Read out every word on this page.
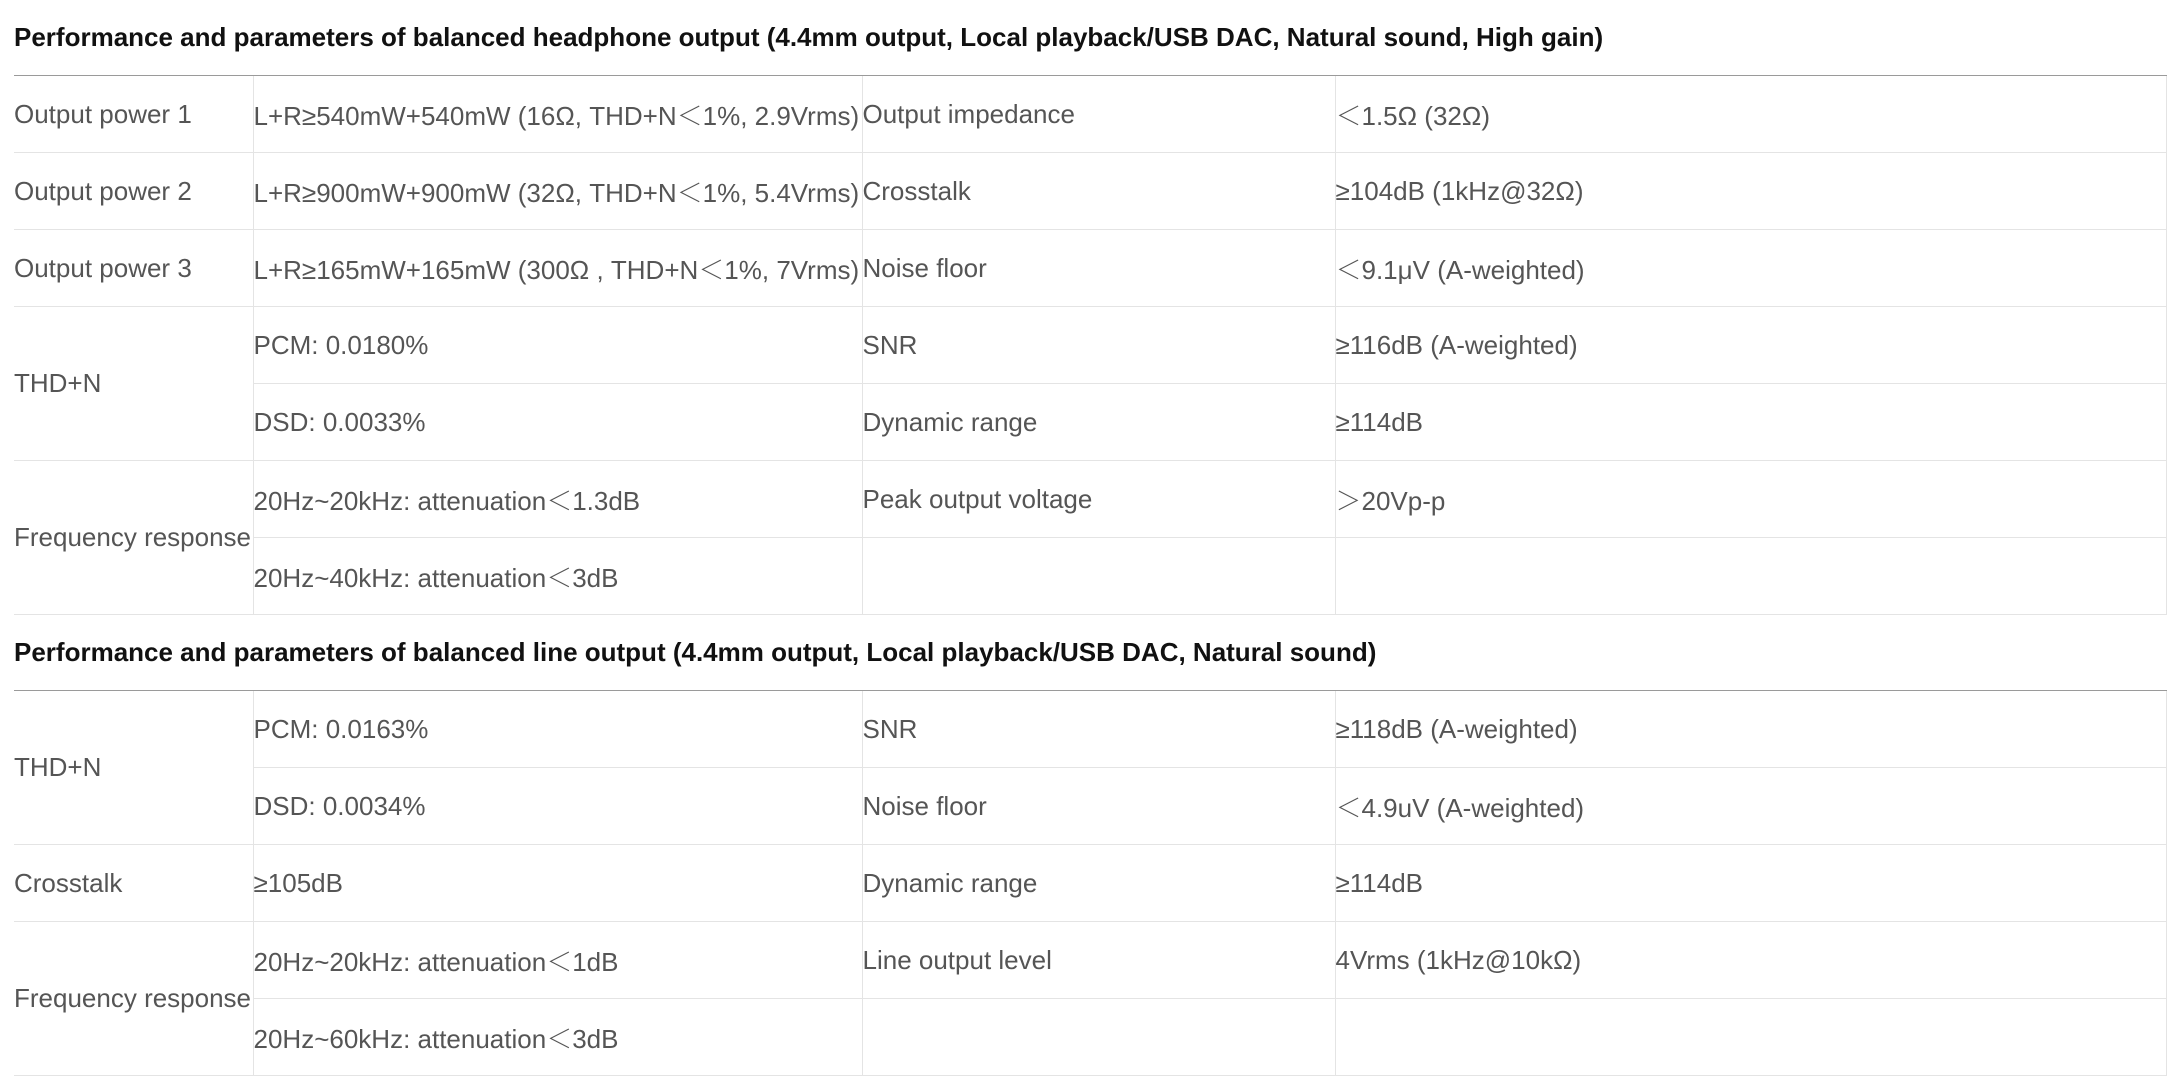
Performance and parameters of balanced headphone output (4.4mm output, Local playback/USB DAC, Natural sound, High gain)			
Output power 1	L+R≥540mW+540mW (16Ω, THD+N＜1%, 2.9Vrms)	Output impedance	＜1.5Ω (32Ω)
Output power 2	L+R≥900mW+900mW (32Ω, THD+N＜1%, 5.4Vrms)	Crosstalk	≥104dB (1kHz@32Ω)
Output power 3	L+R≥165mW+165mW (300Ω , THD+N＜1%, 7Vrms)	Noise floor	＜9.1μV (A-weighted)
THD+N	PCM: 0.0180%	SNR	≥116dB (A-weighted)
	DSD: 0.0033%	Dynamic range	≥114dB
Frequency response	20Hz~20kHz: attenuation＜1.3dB	Peak output voltage	＞20Vp-p
	20Hz~40kHz: attenuation＜3dB		
Performance and parameters of balanced line output (4.4mm output, Local playback/USB DAC, Natural sound)			
THD+N	PCM: 0.0163%	SNR	≥118dB (A-weighted)
	DSD: 0.0034%	Noise floor	＜4.9uV (A-weighted)
Crosstalk	≥105dB	Dynamic range	≥114dB
Frequency response	20Hz~20kHz: attenuation＜1dB	Line output level	4Vrms (1kHz@10kΩ)
	20Hz~60kHz: attenuation＜3dB		
